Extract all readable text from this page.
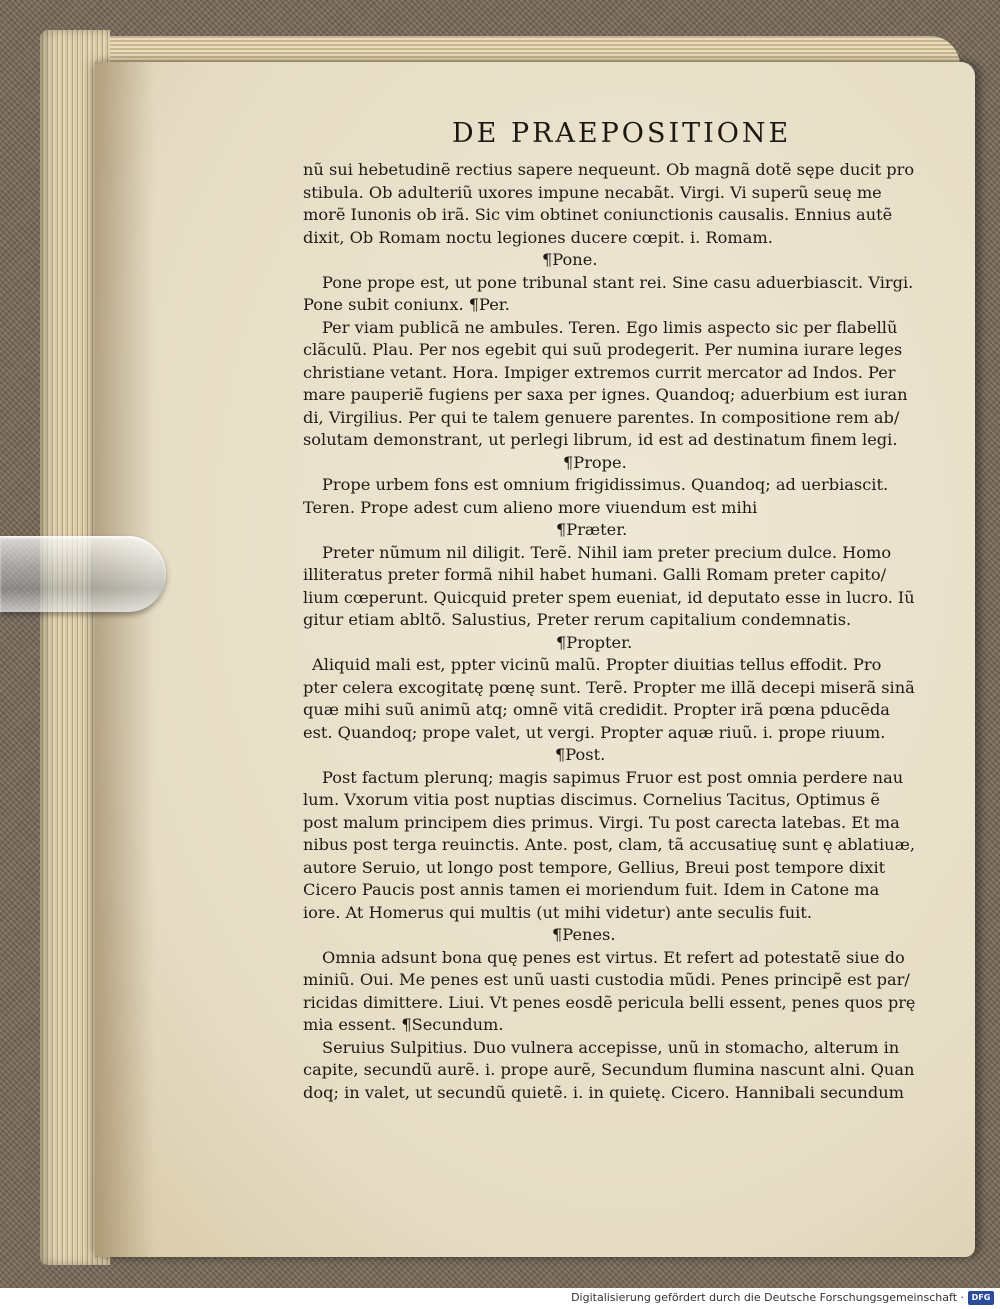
DE PRAEPOSITIONE
nũ sui hebetudinẽ rectius sapere nequeunt. Ob magnã dotẽ sępe ducit pro
stibula. Ob adulteriũ uxores impune necabãt. Virgi. Vi superũ seuę me
morẽ Iunonis ob irã. Sic vim obtinet coniunctionis causalis. Ennius autẽ
dixit, Ob Romam noctu legiones ducere cœpit. i. Romam.
¶Pone.
Pone prope est, ut pone tribunal stant rei. Sine casu aduerbiascit. Virgi.
Pone subit coniunx. ¶Per.
Per viam publicã ne ambules. Teren. Ego limis aspecto sic per flabellũ
clãculũ. Plau. Per nos egebit qui suũ prodegerit. Per numina iurare leges
christiane vetant. Hora. Impiger extremos currit mercator ad Indos. Per
mare pauperiẽ fugiens per saxa per ignes. Quandoq; aduerbium est iuran
di, Virgilius. Per qui te talem genuere parentes. In compositione rem ab/
solutam demonstrant, ut perlegi librum, id est ad destinatum finem legi.
¶Prope.
Prope urbem fons est omnium frigidissimus. Quandoq; ad uerbiascit.
Teren. Prope adest cum alieno more viuendum est mihi
¶Præter.
Preter nũmum nil diligit. Terẽ. Nihil iam preter precium dulce. Homo
illiteratus preter formã nihil habet humani. Galli Romam preter capito/
lium cœperunt. Quicquid preter spem eueniat, id deputato esse in lucro. Iũ
gitur etiam abltõ. Salustius, Preter rerum capitalium condemnatis.
¶Propter.
Aliquid mali est, ppter vicinũ malũ. Propter diuitias tellus effodit. Pro
pter celera excogitatę pœnę sunt. Terẽ. Propter me illã decepi miserã sinã
quæ mihi suũ animũ atq; omnẽ vitã credidit. Propter irã pœna pducẽda
est. Quandoq; prope valet, ut vergi. Propter aquæ riuũ. i. prope riuum.
¶Post.
Post factum plerunq; magis sapimus Fruor est post omnia perdere nau
lum. Vxorum vitia post nuptias discimus. Cornelius Tacitus, Optimus ẽ
post malum principem dies primus. Virgi. Tu post carecta latebas. Et ma
nibus post terga reuinctis. Ante. post, clam, tã accusatiuę sunt ę ablatiuæ,
autore Seruio, ut longo post tempore, Gellius, Breui post tempore dixit
Cicero Paucis post annis tamen ei moriendum fuit. Idem in Catone ma
iore. At Homerus qui multis (ut mihi videtur) ante seculis fuit.
¶Penes.
Omnia adsunt bona quę penes est virtus. Et refert ad potestatẽ siue do
miniũ. Oui. Me penes est unũ uasti custodia mũdi. Penes principẽ est par/
ricidas dimittere. Liui. Vt penes eosdẽ pericula belli essent, penes quos prę
mia essent. ¶Secundum.
Seruius Sulpitius. Duo vulnera accepisse, unũ in stomacho, alterum in
capite, secundũ aurẽ. i. prope aurẽ, Secundum flumina nascunt alni. Quan
doq; in valet, ut secundũ quietẽ. i. in quietę. Cicero. Hannibali secundum
Digitalisierung gefördert durch die Deutsche Forschungsgemeinschaft · DFG
